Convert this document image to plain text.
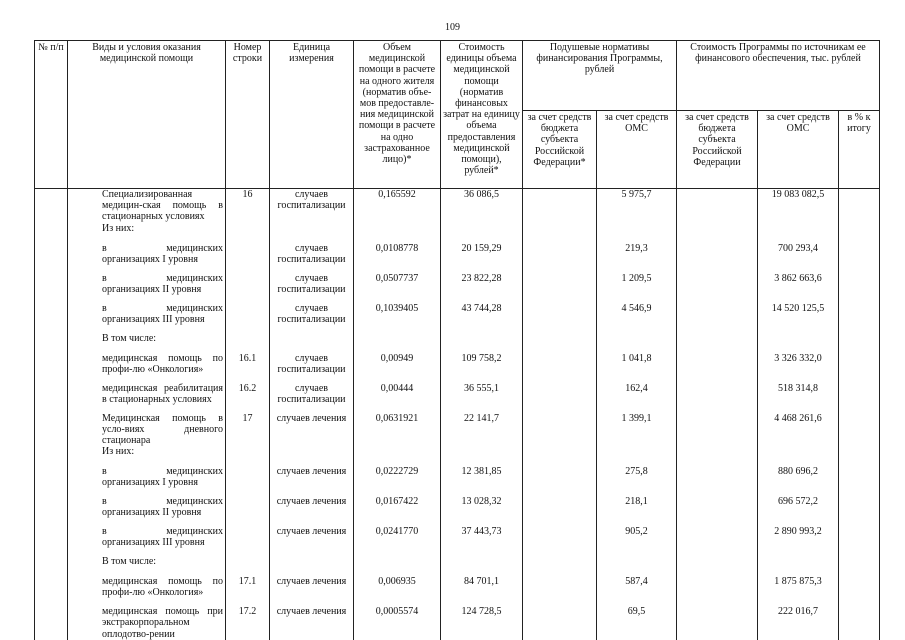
109
№ п/п	Виды и условия оказания медицинской помощи	Номер строки	Единица измерения	Объем медицинской помощи в расчете на одного жителя (норматив объе-мов предоставле-ния медицинской помощи в расчете на одно застрахованное лицо)*	Стоимость единицы объема медицинской помощи (норматив финансовых затрат на единицу объема предоставления медицинской помощи), рублей*	Подушевые нормативы финансирования Программы, рублей		Стоимость Программы по источникам ее финансового обеспечения, тыс. рублей		
						за счет средств бюджета субъекта Российской Федерации*	за счет средств ОМС	за счет средств бюджета субъекта Российской Федерации	за счет средств ОМС	в % к итогу
	Специализированная медицин-ская помощь в стационарных условиях	16	случаев госпитализации	0,165592	36 086,5		5 975,7		19 083 082,5	
	Из них:									
	в медицинских организациях I уровня		случаев госпитализации	0,0108778	20 159,29		219,3		700 293,4	
	в медицинских организациях II уровня		случаев госпитализации	0,0507737	23 822,28		1 209,5		3 862 663,6	
	в медицинских организациях III уровня		случаев госпитализации	0,1039405	43 744,28		4 546,9		14 520 125,5	
	В том числе:									
	медицинская помощь по профи-лю «Онкология»	16.1	случаев госпитализации	0,00949	109 758,2		1 041,8		3 326 332,0	
	медицинская реабилитация в стационарных условиях	16.2	случаев госпитализации	0,00444	36 555,1		162,4		518 314,8	
	Медицинская помощь в усло-виях дневного стационара	17	случаев лечения	0,0631921	22 141,7		1 399,1		4 468 261,6	
	Из них:									
	в медицинских организациях I уровня		случаев лечения	0,0222729	12 381,85		275,8		880 696,2	
	в медицинских организациях II уровня		случаев лечения	0,0167422	13 028,32		218,1		696 572,2	
	в медицинских организациях III уровня		случаев лечения	0,0241770	37 443,73		905,2		2 890 993,2	
	В том числе:									
	медицинская помощь по профи-лю «Онкология»	17.1	случаев лечения	0,006935	84 701,1		587,4		1 875 875,3	
	медицинская помощь при экстракорпоральном оплодотво-рении	17.2	случаев лечения	0,0005574	124 728,5		69,5		222 016,7	
